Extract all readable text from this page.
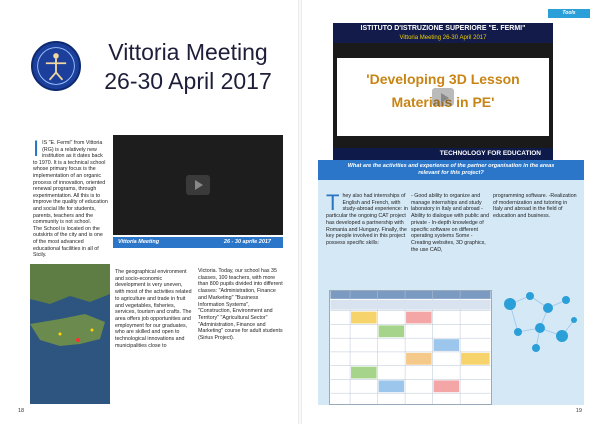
Vittoria Meeting
26-30 April 2017
I IS "E. Fermi" from Vittoria (RG) is a relatively new institution as it dates back to 1970. It is a technical school whose primary focus is the implementation of an organic process of innovation, oriented renewal programs, through experimentation. All this is to improve the quality of education and social life for students, parents, teachers and the community is not school.
The School is located on the outskirts of the city and is one of the most advanced educational facilities in all of Sicily.
Vittoria Meeting	26 - 30 aprile 2017
The geographical environment and socio-economic development is very uneven, with most of the activities related to agriculture and trade in fruit and vegetables, fisheries, services, tourism and crafts. The area offers job opportunities and employment for our graduates, who are skilled and open to technological innovations and municipalities close to
Victoria. Today, our school has 35 classes, 100 teachers, with more than 800 pupils divided into different classes: "Administration, Finance and Marketing" "Business Information Systems", "Construction, Environment and Territory" "Agricultural Sector" "Administration, Finance and Marketing" course for adult students (Sirius Project).
18
Tools
ISTITUTO D'ISTRUZIONE SUPERIORE "E. FERMI"
Vittoria Meeting 26-30 April 2017
'Developing 3D Lesson
Materials in PE'
TECHNOLOGY FOR EDUCATION
What are the activities and experience of the partner organisation in the areas
relevant for this project?
T hey also had internships of English and French, with study-abroad experience: in particular the ongoing CAT project has developed a partnership with Romania and Hungary. Finally, the key people involved in this project possess specific skills:
- Good ability to organize and manage internships and study laboratory in Italy and abroad - Ability to dialogue with public and private - In-depth knowledge of specific software on different operating systems Some - Creating websites, 3D graphics, the use CAD,
programming software. -Realization of modernization and tutoring in Italy and abroad in the field of education and business.
19
